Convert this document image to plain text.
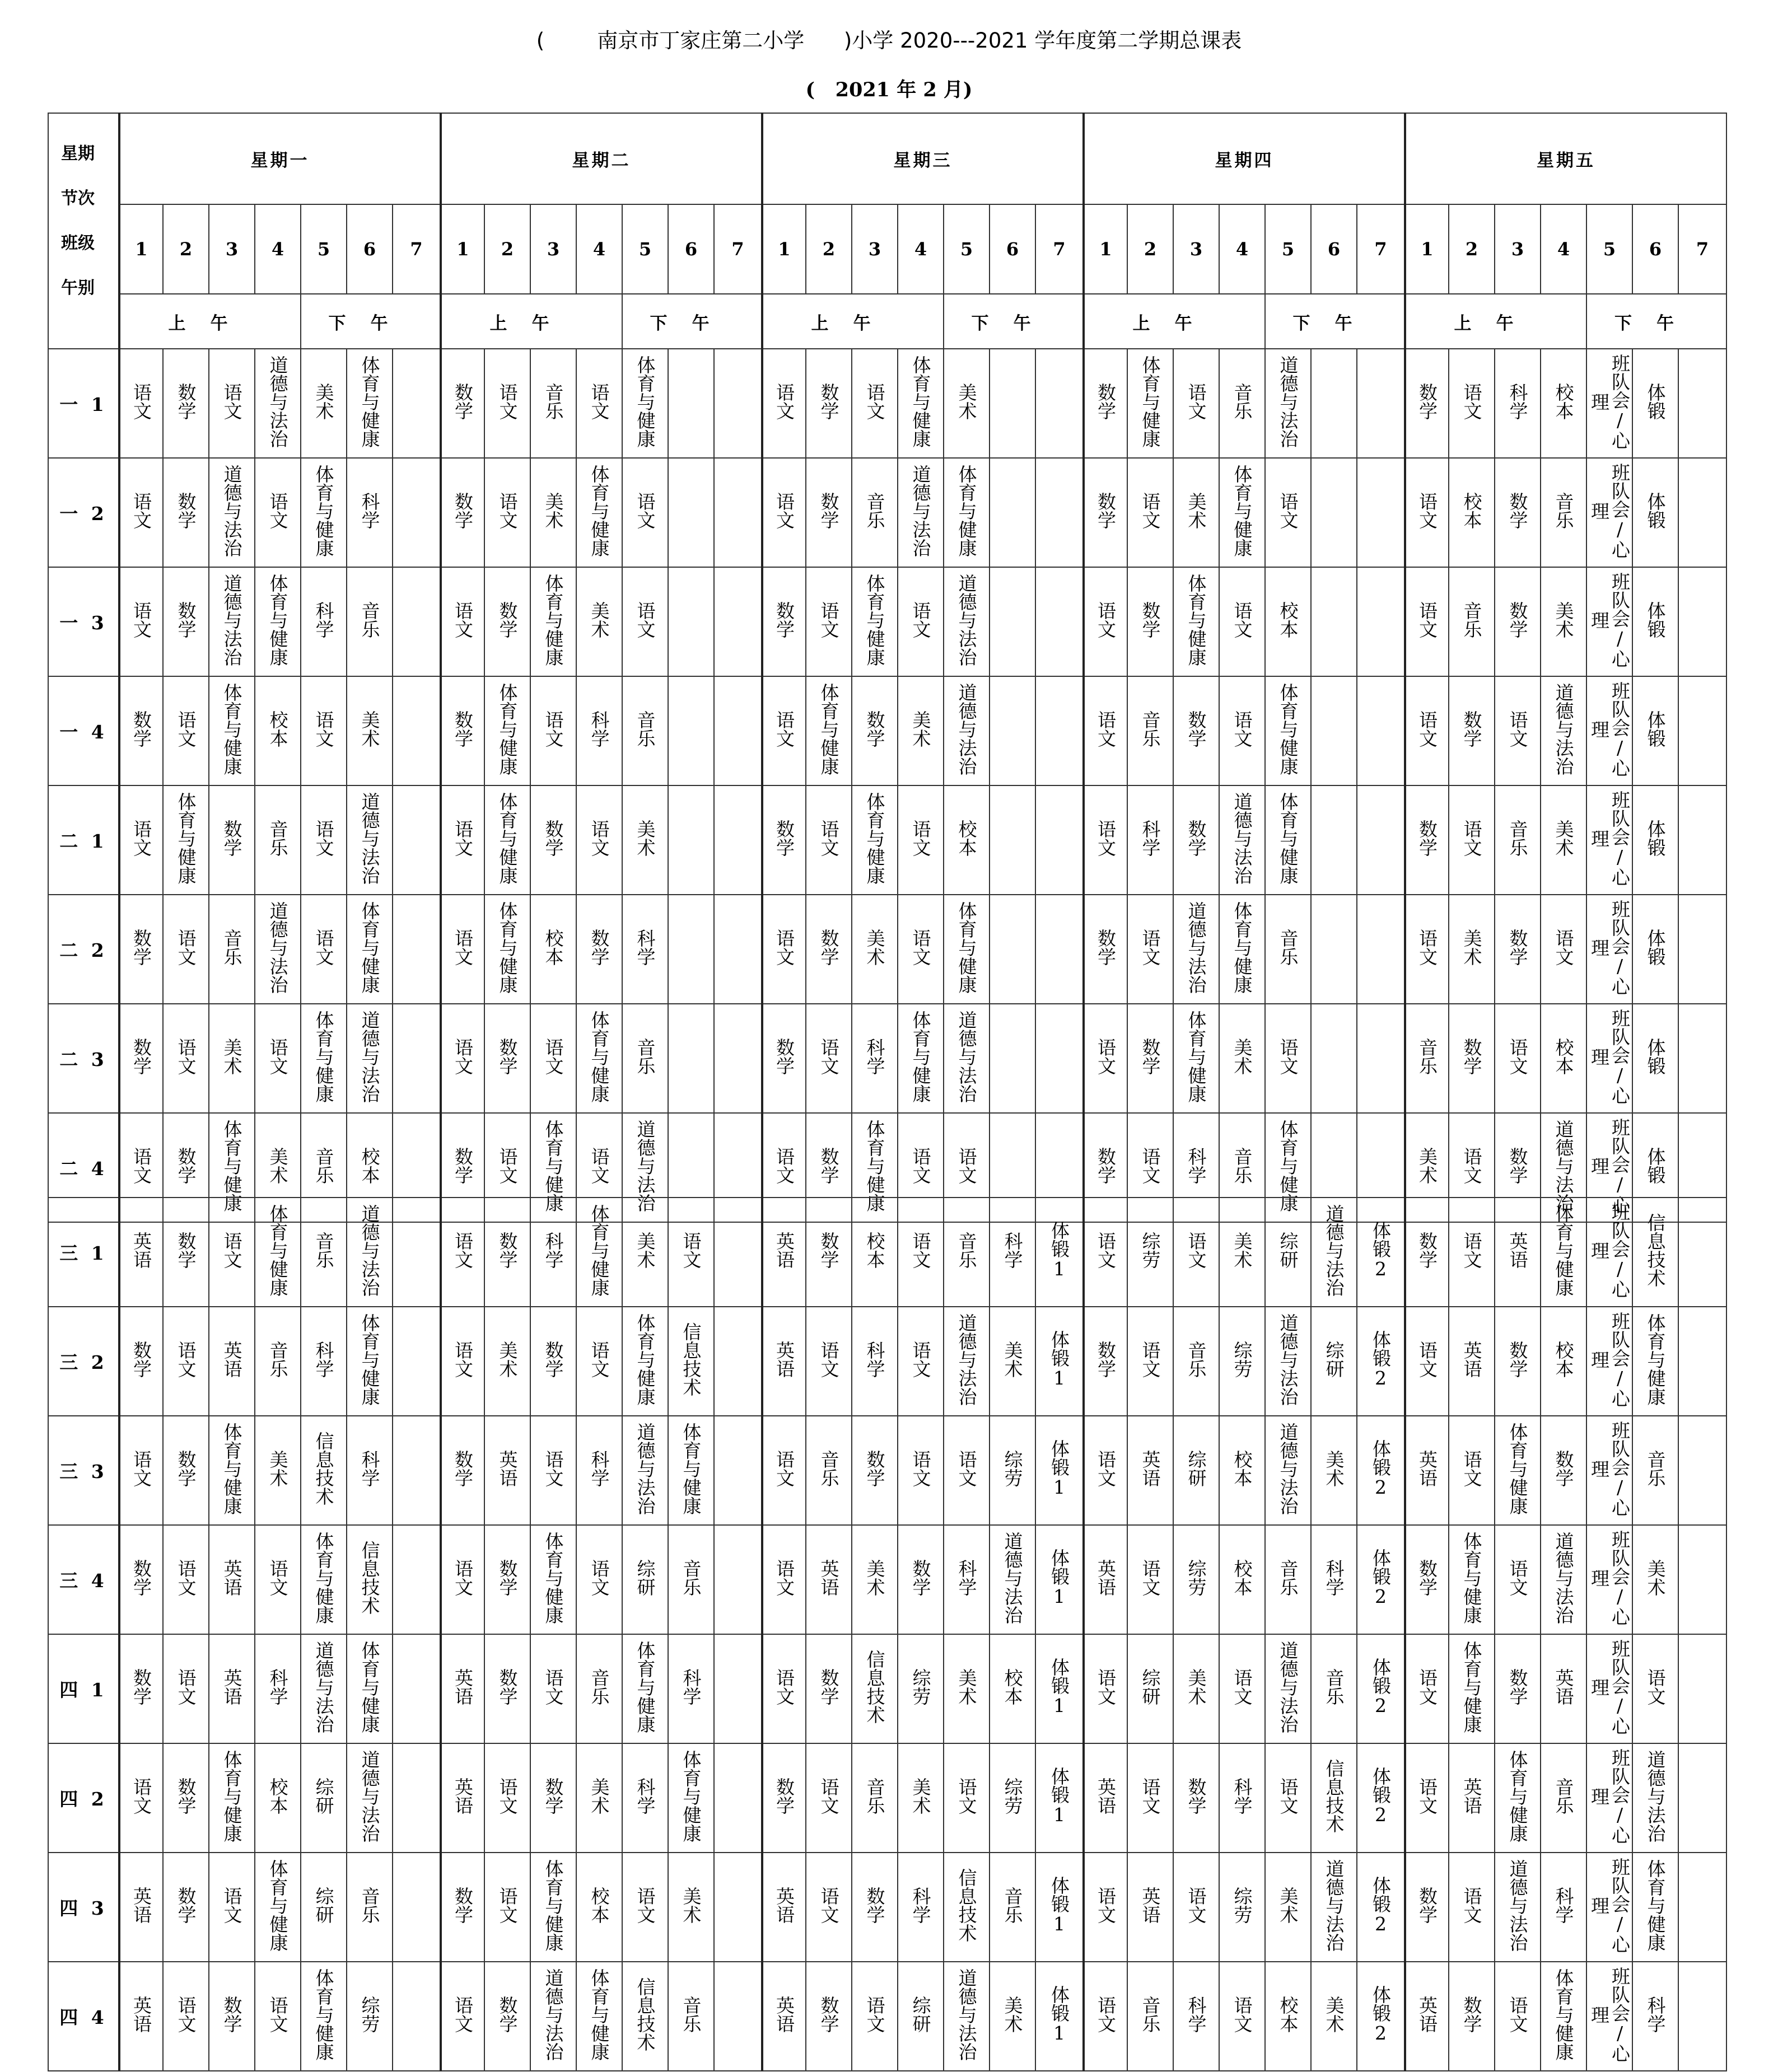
(        南京市丁家庄第二小学      )小学 2020---2021 学年度第二学期总课表
(   2021 年 2 月)
星期
节次
班级
午别	星期一							星期二							星期三							星期四							星期五						
	1	2	3	4	5	6	7	1	2	3	4	5	6	7	1	2	3	4	5	6	7	1	2	3	4	5	6	7	1	2	3	4	5	6	7
	上午				下午			上午				下午			上午				下午			上午				下午			上午				下午		
一 1	语文	数学	语文	道德与法治	美术	体育与健康		数学	语文	音乐	语文	体育与健康			语文	数学	语文	体育与健康	美术			数学	体育与健康	语文	音乐	道德与法治			数学	语文	科学	校本	班队会/心理	体锻	
一 2	语文	数学	道德与法治	语文	体育与健康	科学		数学	语文	美术	体育与健康	语文			语文	数学	音乐	道德与法治	体育与健康			数学	语文	美术	体育与健康	语文			语文	校本	数学	音乐	班队会/心理	体锻	
一 3	语文	数学	道德与法治	体育与健康	科学	音乐		语文	数学	体育与健康	美术	语文			数学	语文	体育与健康	语文	道德与法治			语文	数学	体育与健康	语文	校本			语文	音乐	数学	美术	班队会/心理	体锻	
一 4	数学	语文	体育与健康	校本	语文	美术		数学	体育与健康	语文	科学	音乐			语文	体育与健康	数学	美术	道德与法治			语文	音乐	数学	语文	体育与健康			语文	数学	语文	道德与法治	班队会/心理	体锻	
二 1	语文	体育与健康	数学	音乐	语文	道德与法治		语文	体育与健康	数学	语文	美术			数学	语文	体育与健康	语文	校本			语文	科学	数学	道德与法治	体育与健康			数学	语文	音乐	美术	班队会/心理	体锻	
二 2	数学	语文	音乐	道德与法治	语文	体育与健康		语文	体育与健康	校本	数学	科学			语文	数学	美术	语文	体育与健康			数学	语文	道德与法治	体育与健康	音乐			语文	美术	数学	语文	班队会/心理	体锻	
二 3	数学	语文	美术	语文	体育与健康	道德与法治		语文	数学	语文	体育与健康	音乐			数学	语文	科学	体育与健康	道德与法治			语文	数学	体育与健康	美术	语文			音乐	数学	语文	校本	班队会/心理	体锻	
二 4	语文	数学	体育与健康	美术	音乐	校本		数学	语文	体育与健康	语文	道德与法治			语文	数学	体育与健康	语文	语文			数学	语文	科学	音乐	体育与健康			美术	语文	数学	道德与法治	班队会/心理	体锻	
三 1	英语	数学	语文	体育与健康	音乐	道德与法治		语文	数学	科学	体育与健康	美术	语文		英语	数学	校本	语文	音乐	科学	体锻1	语文	综劳	语文	美术	综研	道德与法治	体锻2	数学	语文	英语	体育与健康	班队会/心理	信息技术	
三 2	数学	语文	英语	音乐	科学	体育与健康		语文	美术	数学	语文	体育与健康	信息技术		英语	语文	科学	语文	道德与法治	美术	体锻1	数学	语文	音乐	综劳	道德与法治	综研	体锻2	语文	英语	数学	校本	班队会/心理	体育与健康	
三 3	语文	数学	体育与健康	美术	信息技术	科学		数学	英语	语文	科学	道德与法治	体育与健康		语文	音乐	数学	语文	语文	综劳	体锻1	语文	英语	综研	校本	道德与法治	美术	体锻2	英语	语文	体育与健康	数学	班队会/心理	音乐	
三 4	数学	语文	英语	语文	体育与健康	信息技术		语文	数学	体育与健康	语文	综研	音乐		语文	英语	美术	数学	科学	道德与法治	体锻1	英语	语文	综劳	校本	音乐	科学	体锻2	数学	体育与健康	语文	道德与法治	班队会/心理	美术	
四 1	数学	语文	英语	科学	道德与法治	体育与健康		英语	数学	语文	音乐	体育与健康	科学		语文	数学	信息技术	综劳	美术	校本	体锻1	语文	综研	美术	语文	道德与法治	音乐	体锻2	语文	体育与健康	数学	英语	班队会/心理	语文	
四 2	语文	数学	体育与健康	校本	综研	道德与法治		英语	语文	数学	美术	科学	体育与健康		数学	语文	音乐	美术	语文	综劳	体锻1	英语	语文	数学	科学	语文	信息技术	体锻2	语文	英语	体育与健康	音乐	班队会/心理	道德与法治	
四 3	英语	数学	语文	体育与健康	综研	音乐		数学	语文	体育与健康	校本	语文	美术		英语	语文	数学	科学	信息技术	音乐	体锻1	语文	英语	语文	综劳	美术	道德与法治	体锻2	数学	语文	道德与法治	科学	班队会/心理	体育与健康	
四 4	英语	语文	数学	语文	体育与健康	综劳		语文	数学	道德与法治	体育与健康	信息技术	音乐		英语	数学	语文	综研	道德与法治	美术	体锻1	语文	音乐	科学	语文	校本	美术	体锻2	英语	数学	语文	体育与健康	班队会/心理	科学	
